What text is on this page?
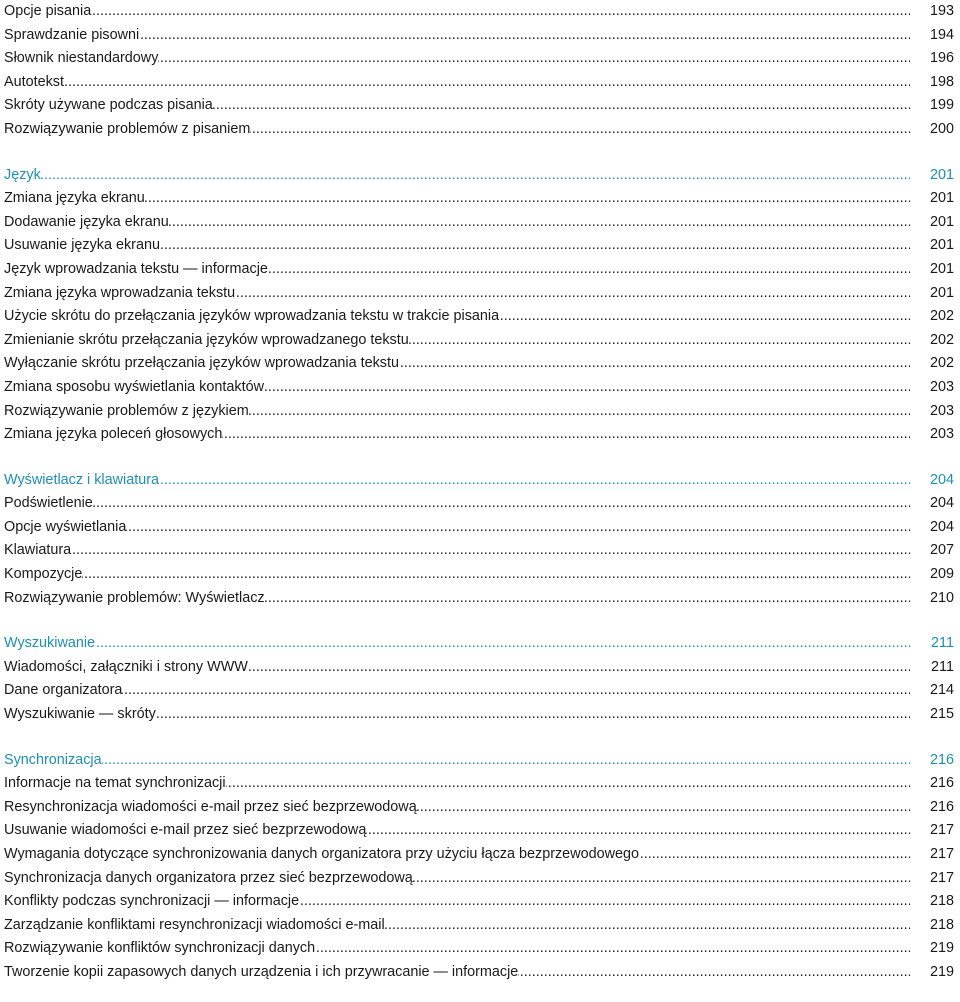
Opcje pisania .....	193
Sprawdzanie pisowni .....	194
Słownik niestandardowy .....	196
Autotekst .....	198
Skróty używane podczas pisania .....	199
Rozwiązywanie problemów z pisaniem .....	200
Język .....	201
Zmiana języka ekranu .....	201
Dodawanie języka ekranu .....	201
Usuwanie języka ekranu .....	201
Język wprowadzania tekstu — informacje .....	201
Zmiana języka wprowadzania tekstu .....	201
Użycie skrótu do przełączania języków wprowadzania tekstu w trakcie pisania .....	202
Zmienianie skrótu przełączania języków wprowadzanego tekstu .....	202
Wyłączanie skrótu przełączania języków wprowadzania tekstu .....	202
Zmiana sposobu wyświetlania kontaktów .....	203
Rozwiązywanie problemów z językiem .....	203
Zmiana języka poleceń głosowych .....	203
Wyświetlacz i klawiatura .....	204
Podświetlenie .....	204
Opcje wyświetlania .....	204
Klawiatura .....	207
Kompozycje .....	209
Rozwiązywanie problemów: Wyświetlacz .....	210
Wyszukiwanie .....	211
Wiadomości, załączniki i strony WWW .....	211
Dane organizatora .....	214
Wyszukiwanie — skróty .....	215
Synchronizacja .....	216
Informacje na temat synchronizacji .....	216
Resynchronizacja wiadomości e-mail przez sieć bezprzewodową .....	216
Usuwanie wiadomości e-mail przez sieć bezprzewodową .....	217
Wymagania dotyczące synchronizowania danych organizatora przy użyciu łącza bezprzewodowego .....	217
Synchronizacja danych organizatora przez sieć bezprzewodową .....	217
Konflikty podczas synchronizacji — informacje .....	218
Zarządzanie konfliktami resynchronizacji wiadomości e-mail .....	218
Rozwiązywanie konfliktów synchronizacji danych .....	219
Tworzenie kopii zapasowych danych urządzenia i ich przywracanie — informacje .....	219
